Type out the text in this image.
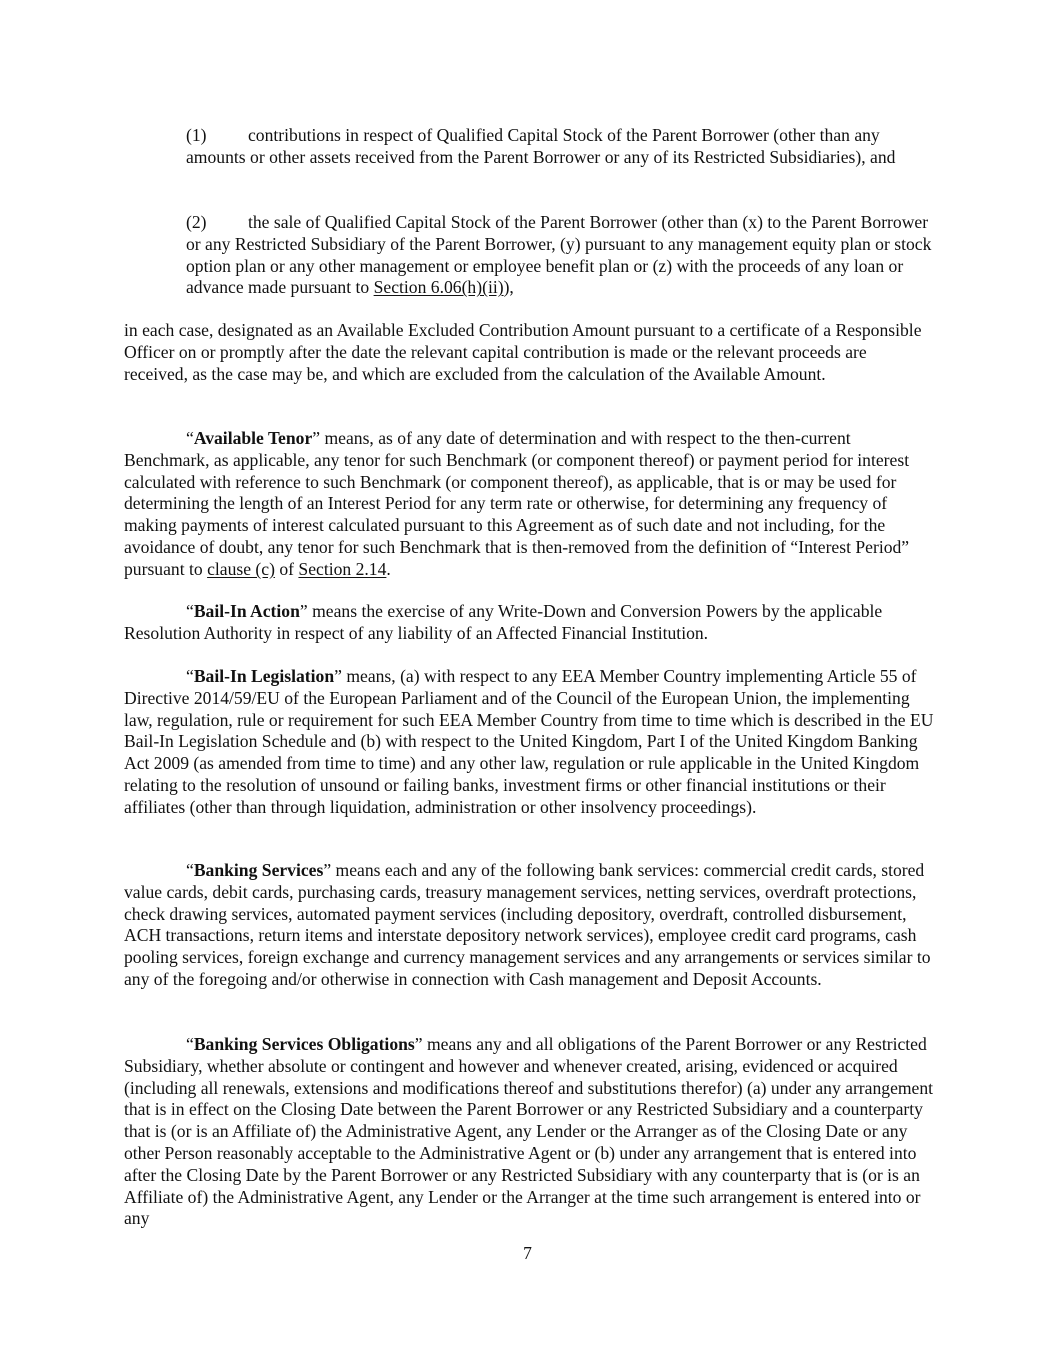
(1) contributions in respect of Qualified Capital Stock of the Parent Borrower (other than any amounts or other assets received from the Parent Borrower or any of its Restricted Subsidiaries), and

(2) the sale of Qualified Capital Stock of the Parent Borrower (other than (x) to the Parent Borrower or any Restricted Subsidiary of the Parent Borrower, (y) pursuant to any management equity plan or stock option plan or any other management or employee benefit plan or (z) with the proceeds of any loan or advance made pursuant to Section 6.06(h)(ii)),

in each case, designated as an Available Excluded Contribution Amount pursuant to a certificate of a Responsible Officer on or promptly after the date the relevant capital contribution is made or the relevant proceeds are received, as the case may be, and which are excluded from the calculation of the Available Amount.

“Available Tenor” means, as of any date of determination and with respect to the then-current Benchmark, as applicable, any tenor for such Benchmark (or component thereof) or payment period for interest calculated with reference to such Benchmark (or component thereof), as applicable, that is or may be used for determining the length of an Interest Period for any term rate or otherwise, for determining any frequency of making payments of interest calculated pursuant to this Agreement as of such date and not including, for the avoidance of doubt, any tenor for such Benchmark that is then-removed from the definition of “Interest Period” pursuant to clause (c) of Section 2.14.

“Bail-In Action” means the exercise of any Write-Down and Conversion Powers by the applicable Resolution Authority in respect of any liability of an Affected Financial Institution.

“Bail-In Legislation” means, (a) with respect to any EEA Member Country implementing Article 55 of Directive 2014/59/EU of the European Parliament and of the Council of the European Union, the implementing law, regulation, rule or requirement for such EEA Member Country from time to time which is described in the EU Bail-In Legislation Schedule and (b) with respect to the United Kingdom, Part I of the United Kingdom Banking Act 2009 (as amended from time to time) and any other law, regulation or rule applicable in the United Kingdom relating to the resolution of unsound or failing banks, investment firms or other financial institutions or their affiliates (other than through liquidation, administration or other insolvency proceedings).

“Banking Services” means each and any of the following bank services: commercial credit cards, stored value cards, debit cards, purchasing cards, treasury management services, netting services, overdraft protections, check drawing services, automated payment services (including depository, overdraft, controlled disbursement, ACH transactions, return items and interstate depository network services), employee credit card programs, cash pooling services, foreign exchange and currency management services and any arrangements or services similar to any of the foregoing and/or otherwise in connection with Cash management and Deposit Accounts.

“Banking Services Obligations” means any and all obligations of the Parent Borrower or any Restricted Subsidiary, whether absolute or contingent and however and whenever created, arising, evidenced or acquired (including all renewals, extensions and modifications thereof and substitutions therefor) (a) under any arrangement that is in effect on the Closing Date between the Parent Borrower or any Restricted Subsidiary and a counterparty that is (or is an Affiliate of) the Administrative Agent, any Lender or the Arranger as of the Closing Date or any other Person reasonably acceptable to the Administrative Agent or (b) under any arrangement that is entered into after the Closing Date by the Parent Borrower or any Restricted Subsidiary with any counterparty that is (or is an Affiliate of) the Administrative Agent, any Lender or the Arranger at the time such arrangement is entered into or any

7
